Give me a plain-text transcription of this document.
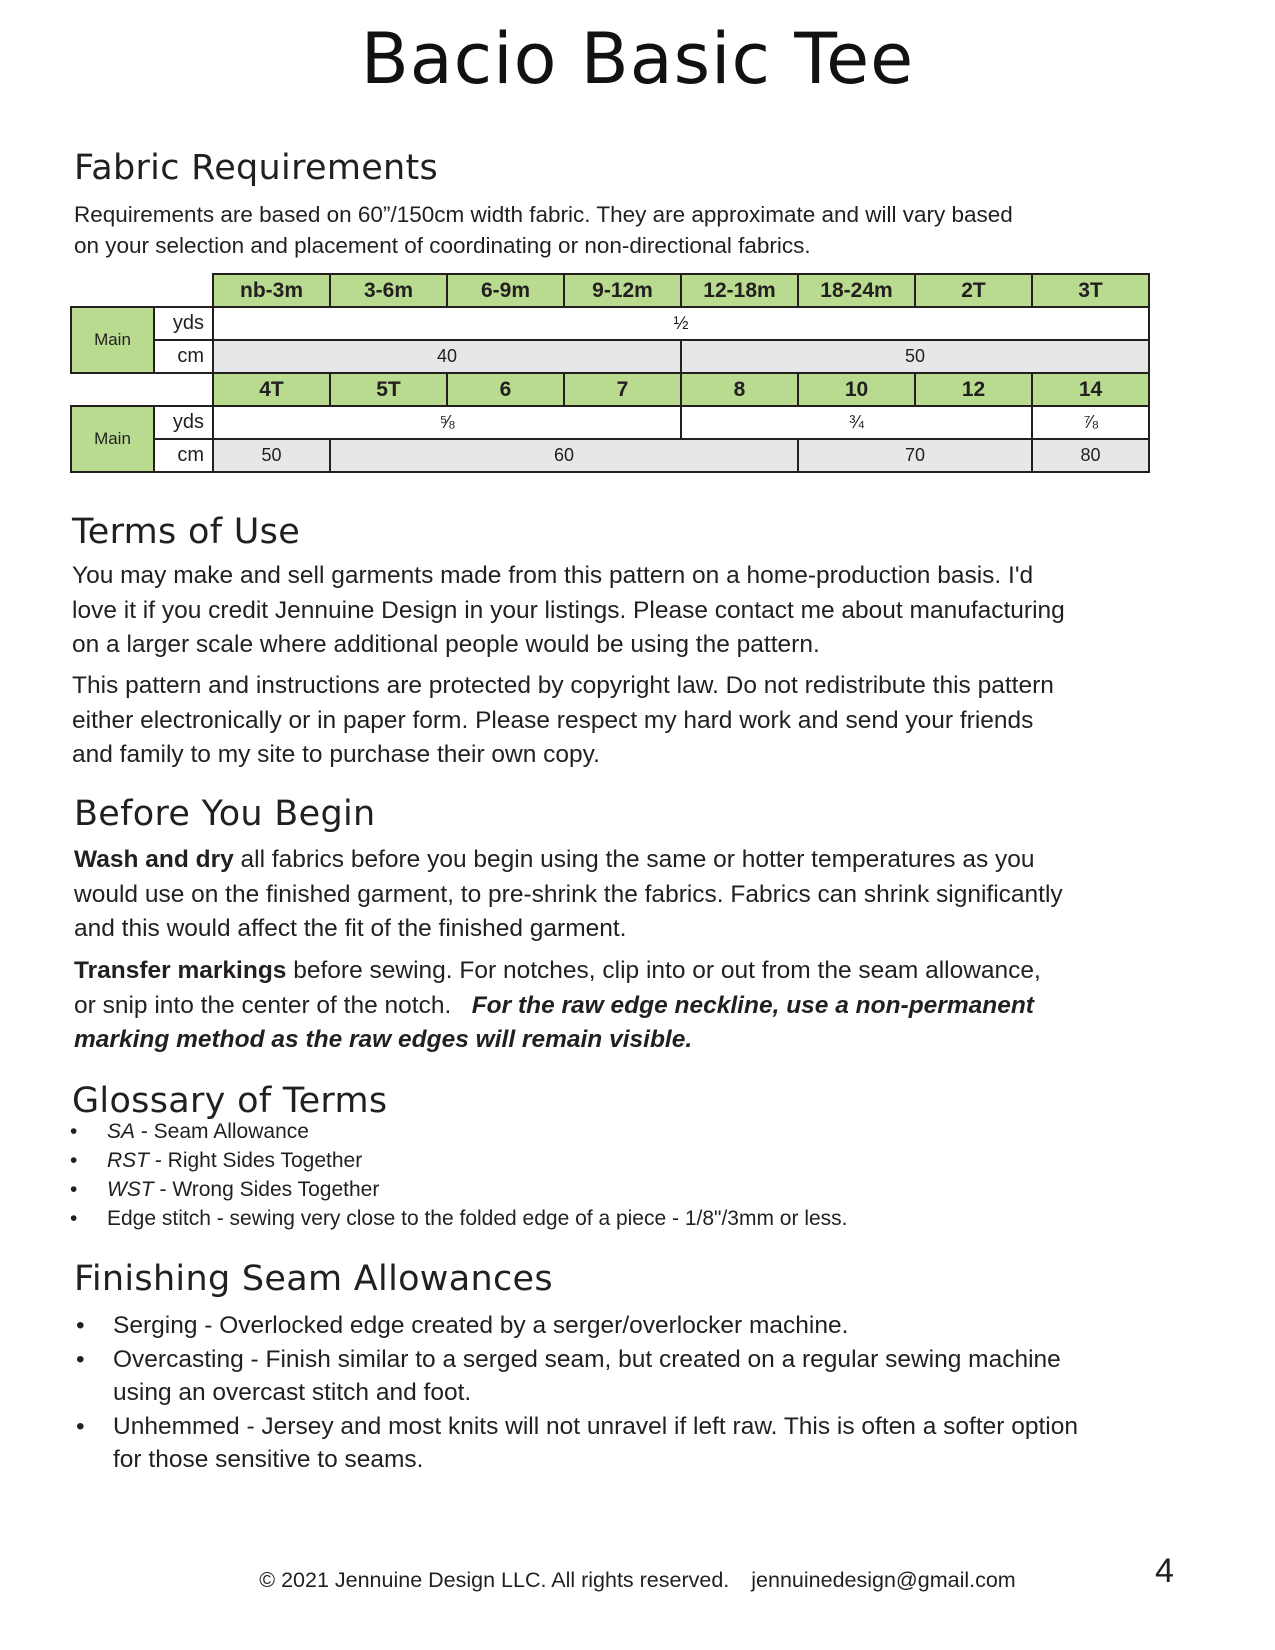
Bacio Basic Tee
Fabric Requirements
Requirements are based on 60”/150cm width fabric. They are approximate and will vary based
on your selection and placement of coordinating or non-directional fabrics.
		nb-3m	3-6m	6-9m	9-12m	12-18m	18-24m	2T	3T
Main	yds	½							
	cm	40				50			
		4T	5T	6	7	8	10	12	14
Main	yds	⅝				¾			⅞
	cm	50	60				70		80
Terms of Use
You may make and sell garments made from this pattern on a home-production basis. I'd
love it if you credit Jennuine Design in your listings. Please contact me about manufacturing
on a larger scale where additional people would be using the pattern.
This pattern and instructions are protected by copyright law. Do not redistribute this pattern
either electronically or in paper form. Please respect my hard work and send your friends
and family to my site to purchase their own copy.
Before You Begin
Wash and dry all fabrics before you begin using the same or hotter temperatures as you
would use on the finished garment, to pre-shrink the fabrics. Fabrics can shrink significantly
and this would affect the fit of the finished garment.
Transfer markings before sewing. For notches, clip into or out from the seam allowance,
or snip into the center of the notch.   For the raw edge neckline, use a non-permanent
marking method as the raw edges will remain visible.
Glossary of Terms
• SA - Seam Allowance
• RST - Right Sides Together
• WST - Wrong Sides Together
• Edge stitch - sewing very close to the folded edge of a piece - 1/8"/3mm or less.
Finishing Seam Allowances
• Serging - Overlocked edge created by a serger/overlocker machine.
• Overcasting - Finish similar to a serged seam, but created on a regular sewing machine
using an overcast stitch and foot.
• Unhemmed - Jersey and most knits will not unravel if left raw. This is often a softer option
for those sensitive to seams.
© 2021 Jennuine Design LLC. All rights reserved. jennuinedesign@gmail.com	4
